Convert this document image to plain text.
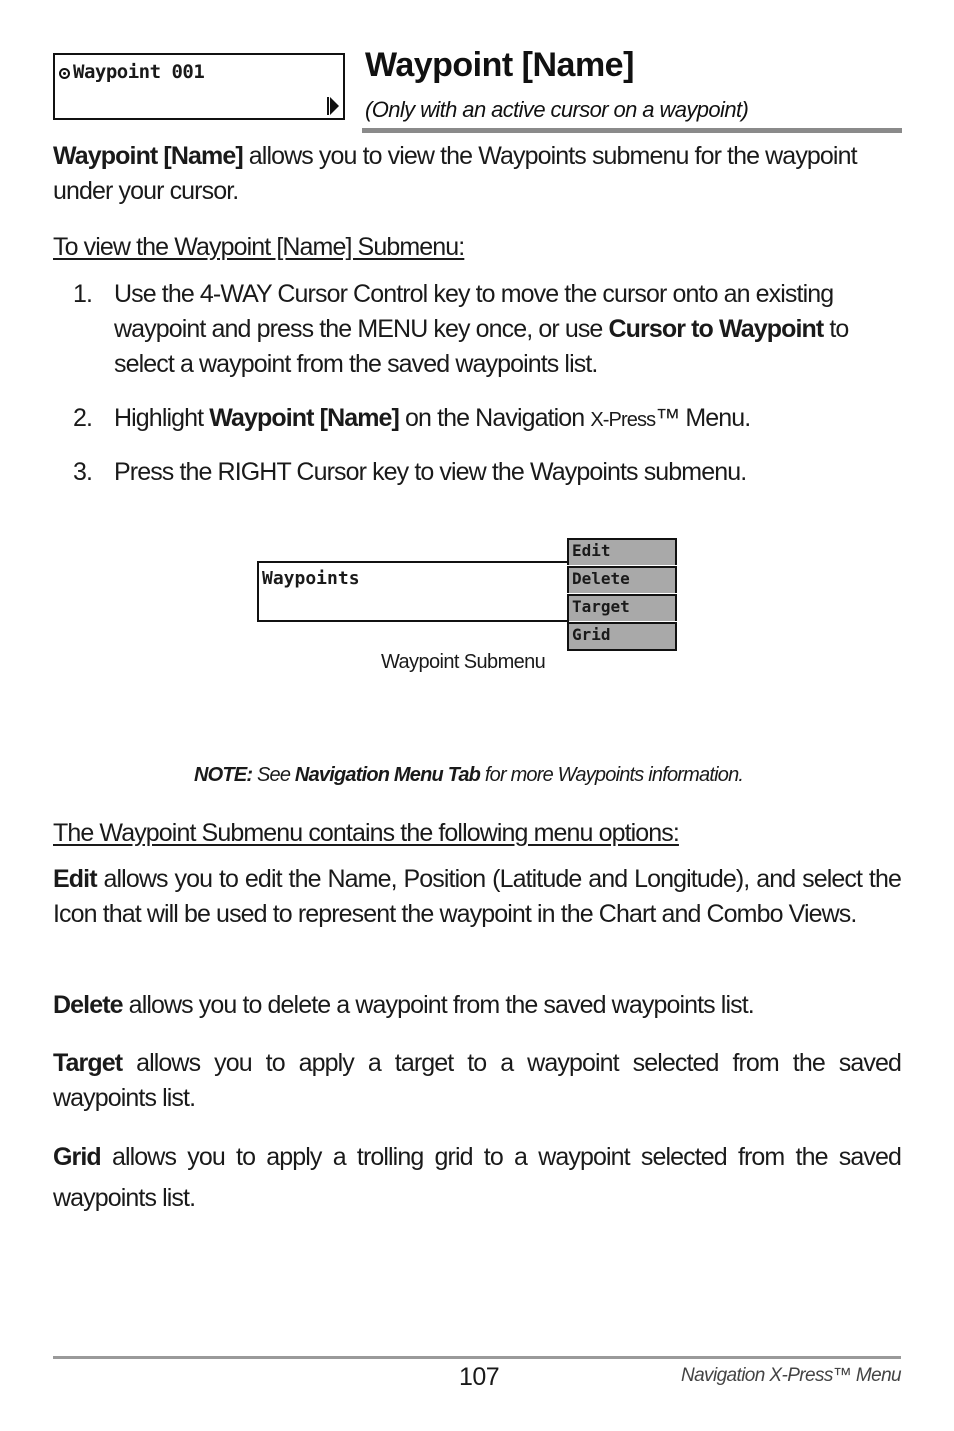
Waypoint 001	Waypoint [Name]
(Only with an active cursor on a waypoint)

Waypoint [Name] allows you to view the Waypoints submenu for the waypoint under your cursor.

To view the Waypoint [Name] Submenu:

1. Use the 4-WAY Cursor Control key to move the cursor onto an existing waypoint and press the MENU key once, or use Cursor to Waypoint to select a waypoint from the saved waypoints list.
2. Highlight Waypoint [Name] on the Navigation X-Press™ Menu.
3. Press the RIGHT Cursor key to view the Waypoints submenu.
Waypoints
Edit
Delete
Target
Grid
Waypoint Submenu
NOTE: See Navigation Menu Tab for more Waypoints information.

The Waypoint Submenu contains the following menu options:

Edit allows you to edit the Name, Position (Latitude and Longitude), and select the Icon that will be used to represent the waypoint in the Chart and Combo Views.

Delete allows you to delete a waypoint from the saved waypoints list.

Target allows you to apply a target to a waypoint selected from the saved waypoints list.

Grid allows you to apply a trolling grid to a waypoint selected from the saved waypoints list.

107	Navigation X-Press™ Menu
